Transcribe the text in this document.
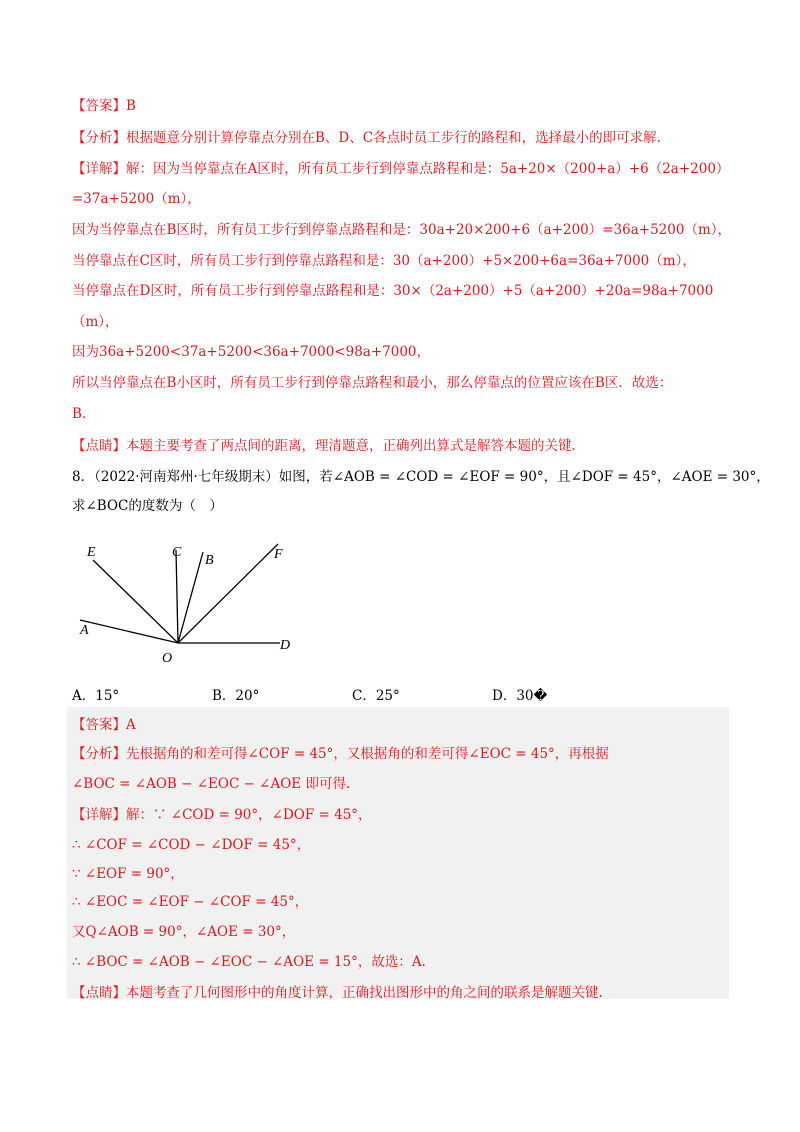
【答案】B
【分析】根据题意分别计算停靠点分别在B、D、C各点时员工步行的路程和，选择最小的即可求解.
【详解】解：因为当停靠点在A区时，所有员工步行到停靠点路程和是：5a+20×（200+a）+6（2a+200）
=37a+5200（m），
因为当停靠点在B区时，所有员工步行到停靠点路程和是：30a+20×200+6（a+200）=36a+5200（m），
当停靠点在C区时，所有员工步行到停靠点路程和是：30（a+200）+5×200+6a=36a+7000（m），
当停靠点在D区时，所有员工步行到停靠点路程和是：30×（2a+200）+5（a+200）+20a=98a+7000
（m），
因为36a+5200<37a+5200<36a+7000<98a+7000，
所以当停靠点在B小区时，所有员工步行到停靠点路程和最小，那么停靠点的位置应该在B区．故选：
B.
【点睛】本题主要考查了两点间的距离，理清题意，正确列出算式是解答本题的关键.
8．（2022·河南郑州·七年级期末）如图，若∠AOB = ∠COD = ∠EOF = 90°，且∠DOF = 45°，∠AOE = 30°，
求∠BOC的度数为（　）
E	C
B	F
A
O
D
A．15°	B．20°	C．25°	D．30�
【答案】A
【分析】先根据角的和差可得∠COF = 45°，又根据角的和差可得∠EOC = 45°，再根据
∠BOC = ∠AOB − ∠EOC − ∠AOE 即可得.
【详解】解：∵ ∠COD = 90°，∠DOF = 45°，
∴ ∠COF = ∠COD − ∠DOF = 45°，
∵ ∠EOF = 90°，
∴ ∠EOC = ∠EOF − ∠COF = 45°，
又Q∠AOB = 90°，∠AOE = 30°，
∴ ∠BOC = ∠AOB − ∠EOC − ∠AOE = 15°，故选：A.
【点睛】本题考查了几何图形中的角度计算，正确找出图形中的角之间的联系是解题关键.
